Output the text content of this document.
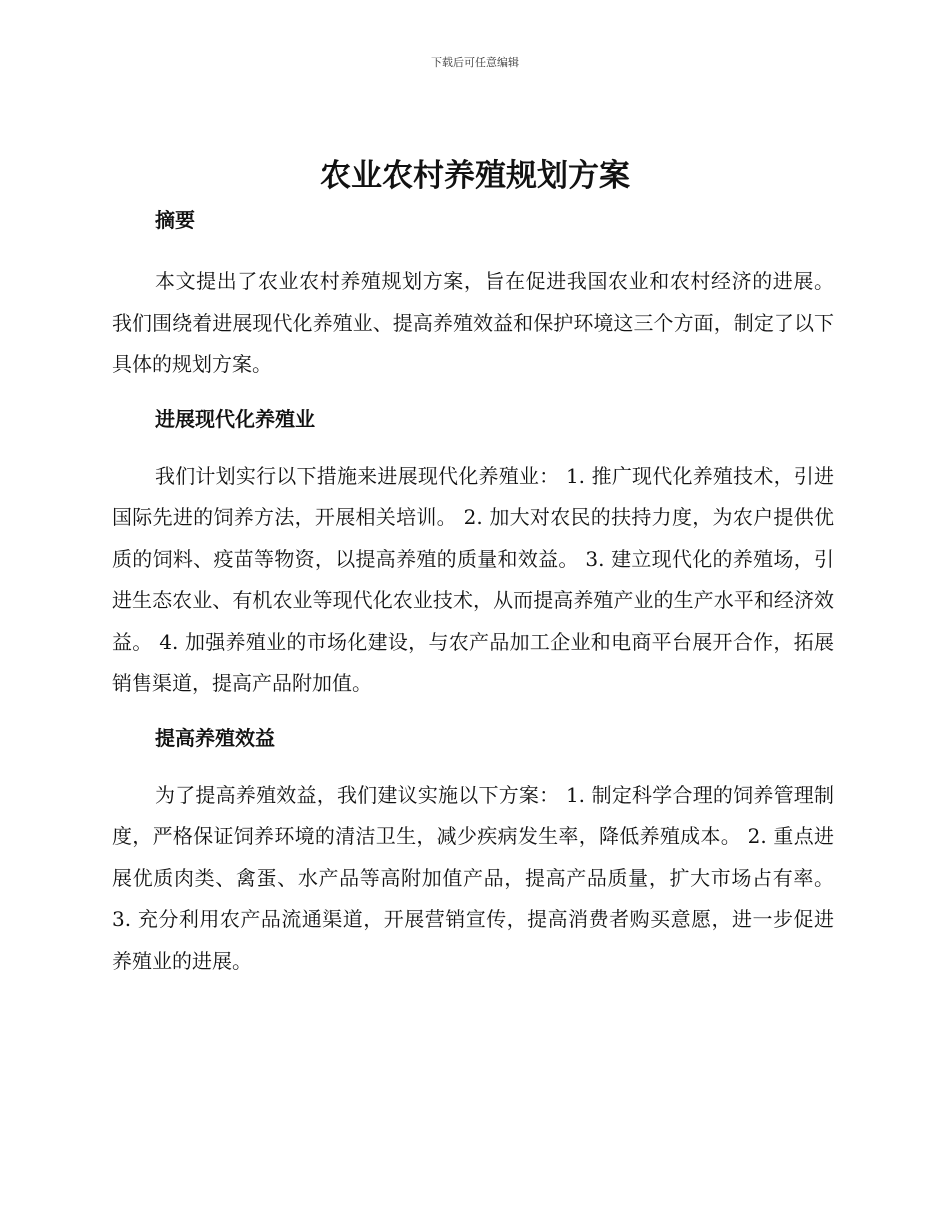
下载后可任意编辑
农业农村养殖规划方案
摘要

本文提出了农业农村养殖规划方案，旨在促进我国农业和农村经济的进展。我们围绕着进展现代化养殖业、提高养殖效益和保护环境这三个方面，制定了以下具体的规划方案。

进展现代化养殖业

我们计划实行以下措施来进展现代化养殖业： 1. 推广现代化养殖技术，引进国际先进的饲养方法，开展相关培训。 2. 加大对农民的扶持力度，为农户提供优质的饲料、疫苗等物资，以提高养殖的质量和效益。 3. 建立现代化的养殖场，引进生态农业、有机农业等现代化农业技术，从而提高养殖产业的生产水平和经济效益。 4. 加强养殖业的市场化建设，与农产品加工企业和电商平台展开合作，拓展销售渠道，提高产品附加值。

提高养殖效益

为了提高养殖效益，我们建议实施以下方案： 1. 制定科学合理的饲养管理制度，严格保证饲养环境的清洁卫生，减少疾病发生率，降低养殖成本。 2. 重点进展优质肉类、禽蛋、水产品等高附加值产品，提高产品质量，扩大市场占有率。 3. 充分利用农产品流通渠道，开展营销宣传，提高消费者购买意愿，进一步促进养殖业的进展。
